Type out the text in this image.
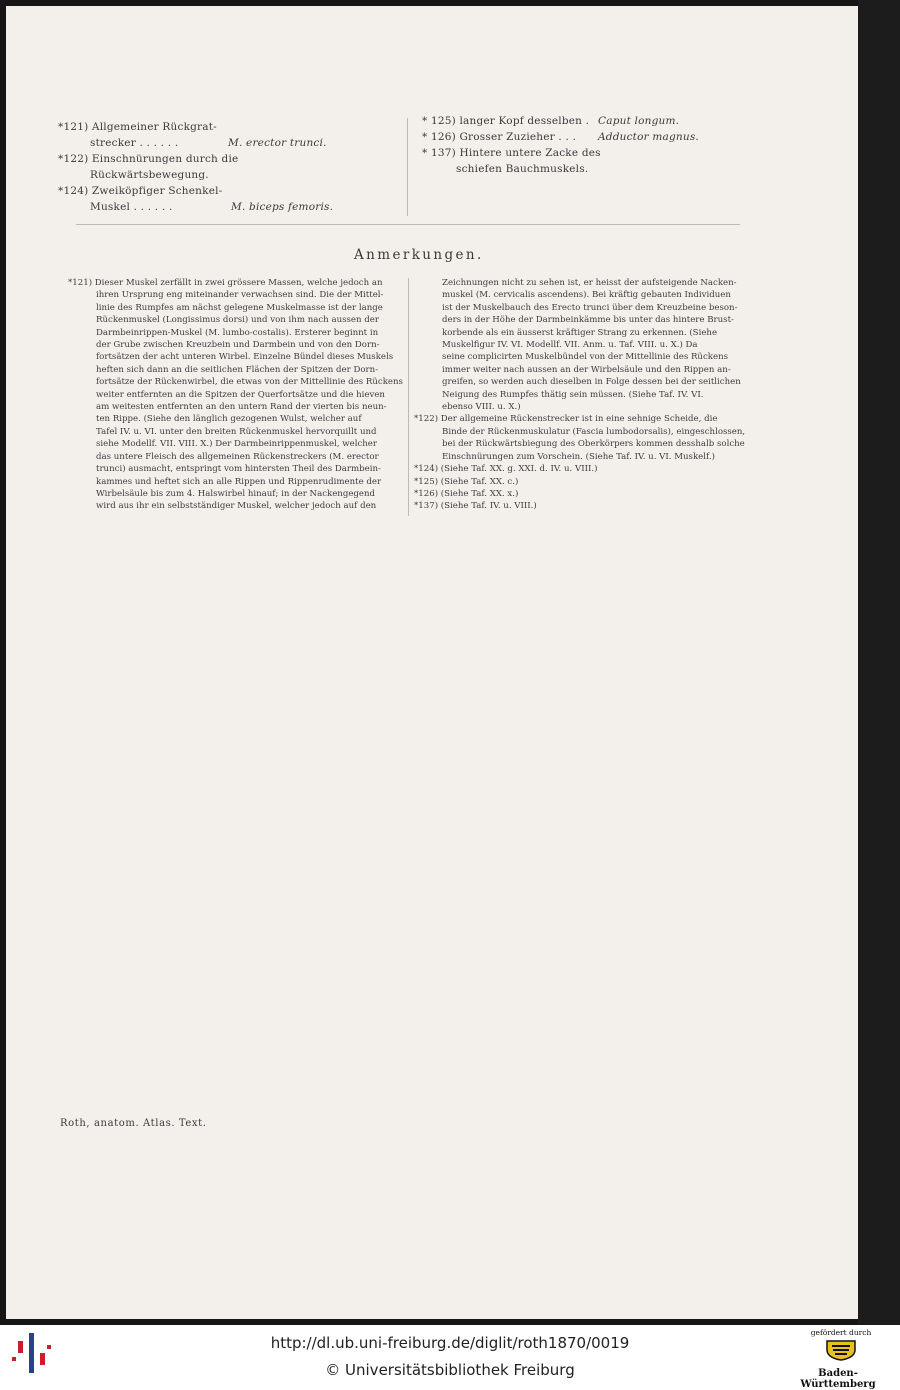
*121) Allgemeiner Rückgrat-
strecker . . . . . .	M. erector trunci.
*122) Einschnürungen durch die
Rückwärtsbewegung.
*124) Zweiköpfiger Schenkel-
Muskel . . . . . .	M. biceps femoris.
* 125) langer Kopf desselben . Caput longum.
* 126) Grosser Zuzieher . . . Adductor magnus.
* 137) Hintere untere Zacke des
schiefen Bauchmuskels.
Anmerkungen.
*121) Dieser Muskel zerfällt in zwei grössere Massen, welche jedoch an
ihren Ursprung eng miteinander verwachsen sind. Die der Mittel-
linie des Rumpfes am nächst gelegene Muskelmasse ist der lange
Rückenmuskel (Longissimus dorsi) und von ihm nach aussen der
Darmbeinrippen-Muskel (M. lumbo-costalis). Ersterer beginnt in
der Grube zwischen Kreuzbein und Darmbein und von den Dorn-
fortsätzen der acht unteren Wirbel. Einzelne Bündel dieses Muskels
heften sich dann an die seitlichen Flächen der Spitzen der Dorn-
fortsätze der Rückenwirbel, die etwas von der Mittellinie des Rückens
weiter entfernten an die Spitzen der Querfortsätze und die hieven
am weitesten entfernten an den untern Rand der vierten bis neun-
ten Rippe. (Siehe den länglich gezogenen Wulst, welcher auf
Tafel IV. u. VI. unter den breiten Rückenmuskel hervorquillt und
siehe Modellf. VII. VIII. X.) Der Darmbeinrippenmuskel, welcher
das untere Fleisch des allgemeinen Rückenstreckers (M. erector
trunci) ausmacht, entspringt vom hintersten Theil des Darmbein-
kammes und heftet sich an alle Rippen und Rippenrudimente der
Wirbelsäule bis zum 4. Halswirbel hinauf; in der Nackengegend
wird aus ihr ein selbstständiger Muskel, welcher jedoch auf den
Zeichnungen nicht zu sehen ist, er heisst der aufsteigende Nacken-
muskel (M. cervicalis ascendens). Bei kräftig gebauten Individuen
ist der Muskelbauch des Erecto trunci über dem Kreuzbeine beson-
ders in der Höhe der Darmbeinkämme bis unter das hintere Brust-
korbende als ein äusserst kräftiger Strang zu erkennen. (Siehe
Muskelfigur IV. VI. Modellf. VII. Anm. u. Taf. VIII. u. X.) Da
seine complicirten Muskelbündel von der Mittellinie des Rückens
immer weiter nach aussen an der Wirbelsäule und den Rippen an-
greifen, so werden auch dieselben in Folge dessen bei der seitlichen
Neigung des Rumpfes thätig sein müssen. (Siehe Taf. IV. VI.
ebenso VIII. u. X.)
*122) Der allgemeine Rückenstrecker ist in eine sehnige Scheide, die
Binde der Rückenmuskulatur (Fascia lumbodorsalis), eingeschlossen,
bei der Rückwärtsbiegung des Oberkörpers kommen desshalb solche
Einschnürungen zum Vorschein. (Siehe Taf. IV. u. VI. Muskelf.)
*124) (Siehe Taf. XX. g. XXI. d. IV. u. VIII.)
*125) (Siehe Taf. XX. c.)
*126) (Siehe Taf. XX. x.)
*137) (Siehe Taf. IV. u. VIII.)
Roth, anatom. Atlas. Text.
http://dl.ub.uni-freiburg.de/diglit/roth1870/0019
© Universitätsbibliothek Freiburg
gefördert durch
Baden-Württemberg
